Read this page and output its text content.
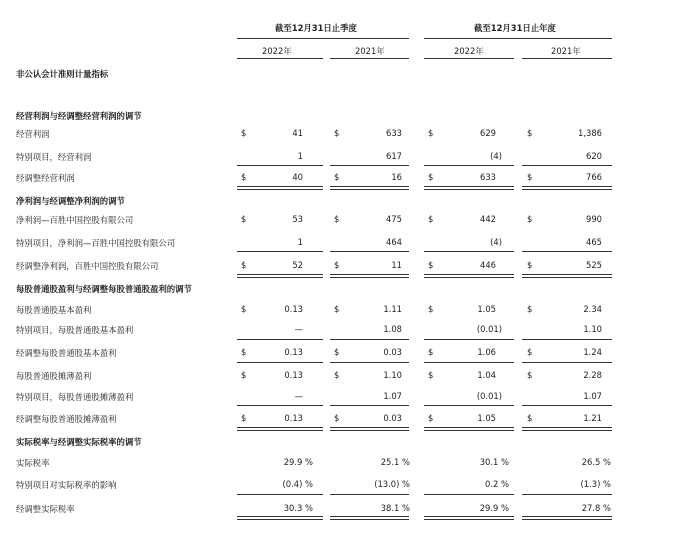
截至12月31日止季度	截至12月31日止年度
2022年	2021年	2022年	2021年
非公认会计准则计量指标
经营利润与经调整经营利润的调节
经营利润	$	41	$	633	$	629	$	1,386
特别项目，经营利润	1	617	(4)	620
经调整经营利润	$	40	$	16	$	633	$	766
净利润与经调整净利润的调节
净利润—百胜中国控股有限公司	$	53	$	475	$	442	$	990
特别项目，净利润—百胜中国控股有限公司	1	464	(4)	465
经调整净利润，百胜中国控股有限公司	$	52	$	11	$	446	$	525
每股普通股盈利与经调整每股普通股盈利的调节
每股普通股基本盈利	$	0.13	$	1.11	$	1.05	$	2.34
特别项目，每股普通股基本盈利	—	1.08	(0.01)	1.10
经调整每股普通股基本盈利	$	0.13	$	0.03	$	1.06	$	1.24
每股普通股摊薄盈利	$	0.13	$	1.10	$	1.04	$	2.28
特别项目，每股普通股摊薄盈利	—	1.07	(0.01)	1.07
经调整每股普通股摊薄盈利	$	0.13	$	0.03	$	1.05	$	1.21
实际税率与经调整实际税率的调节
实际税率	29.9 %	25.1 %	30.1 %	26.5 %
特别项目对实际税率的影响	(0.4) %	(13.0) %	0.2 %	(1.3) %
经调整实际税率	30.3 %	38.1 %	29.9 %	27.8 %
